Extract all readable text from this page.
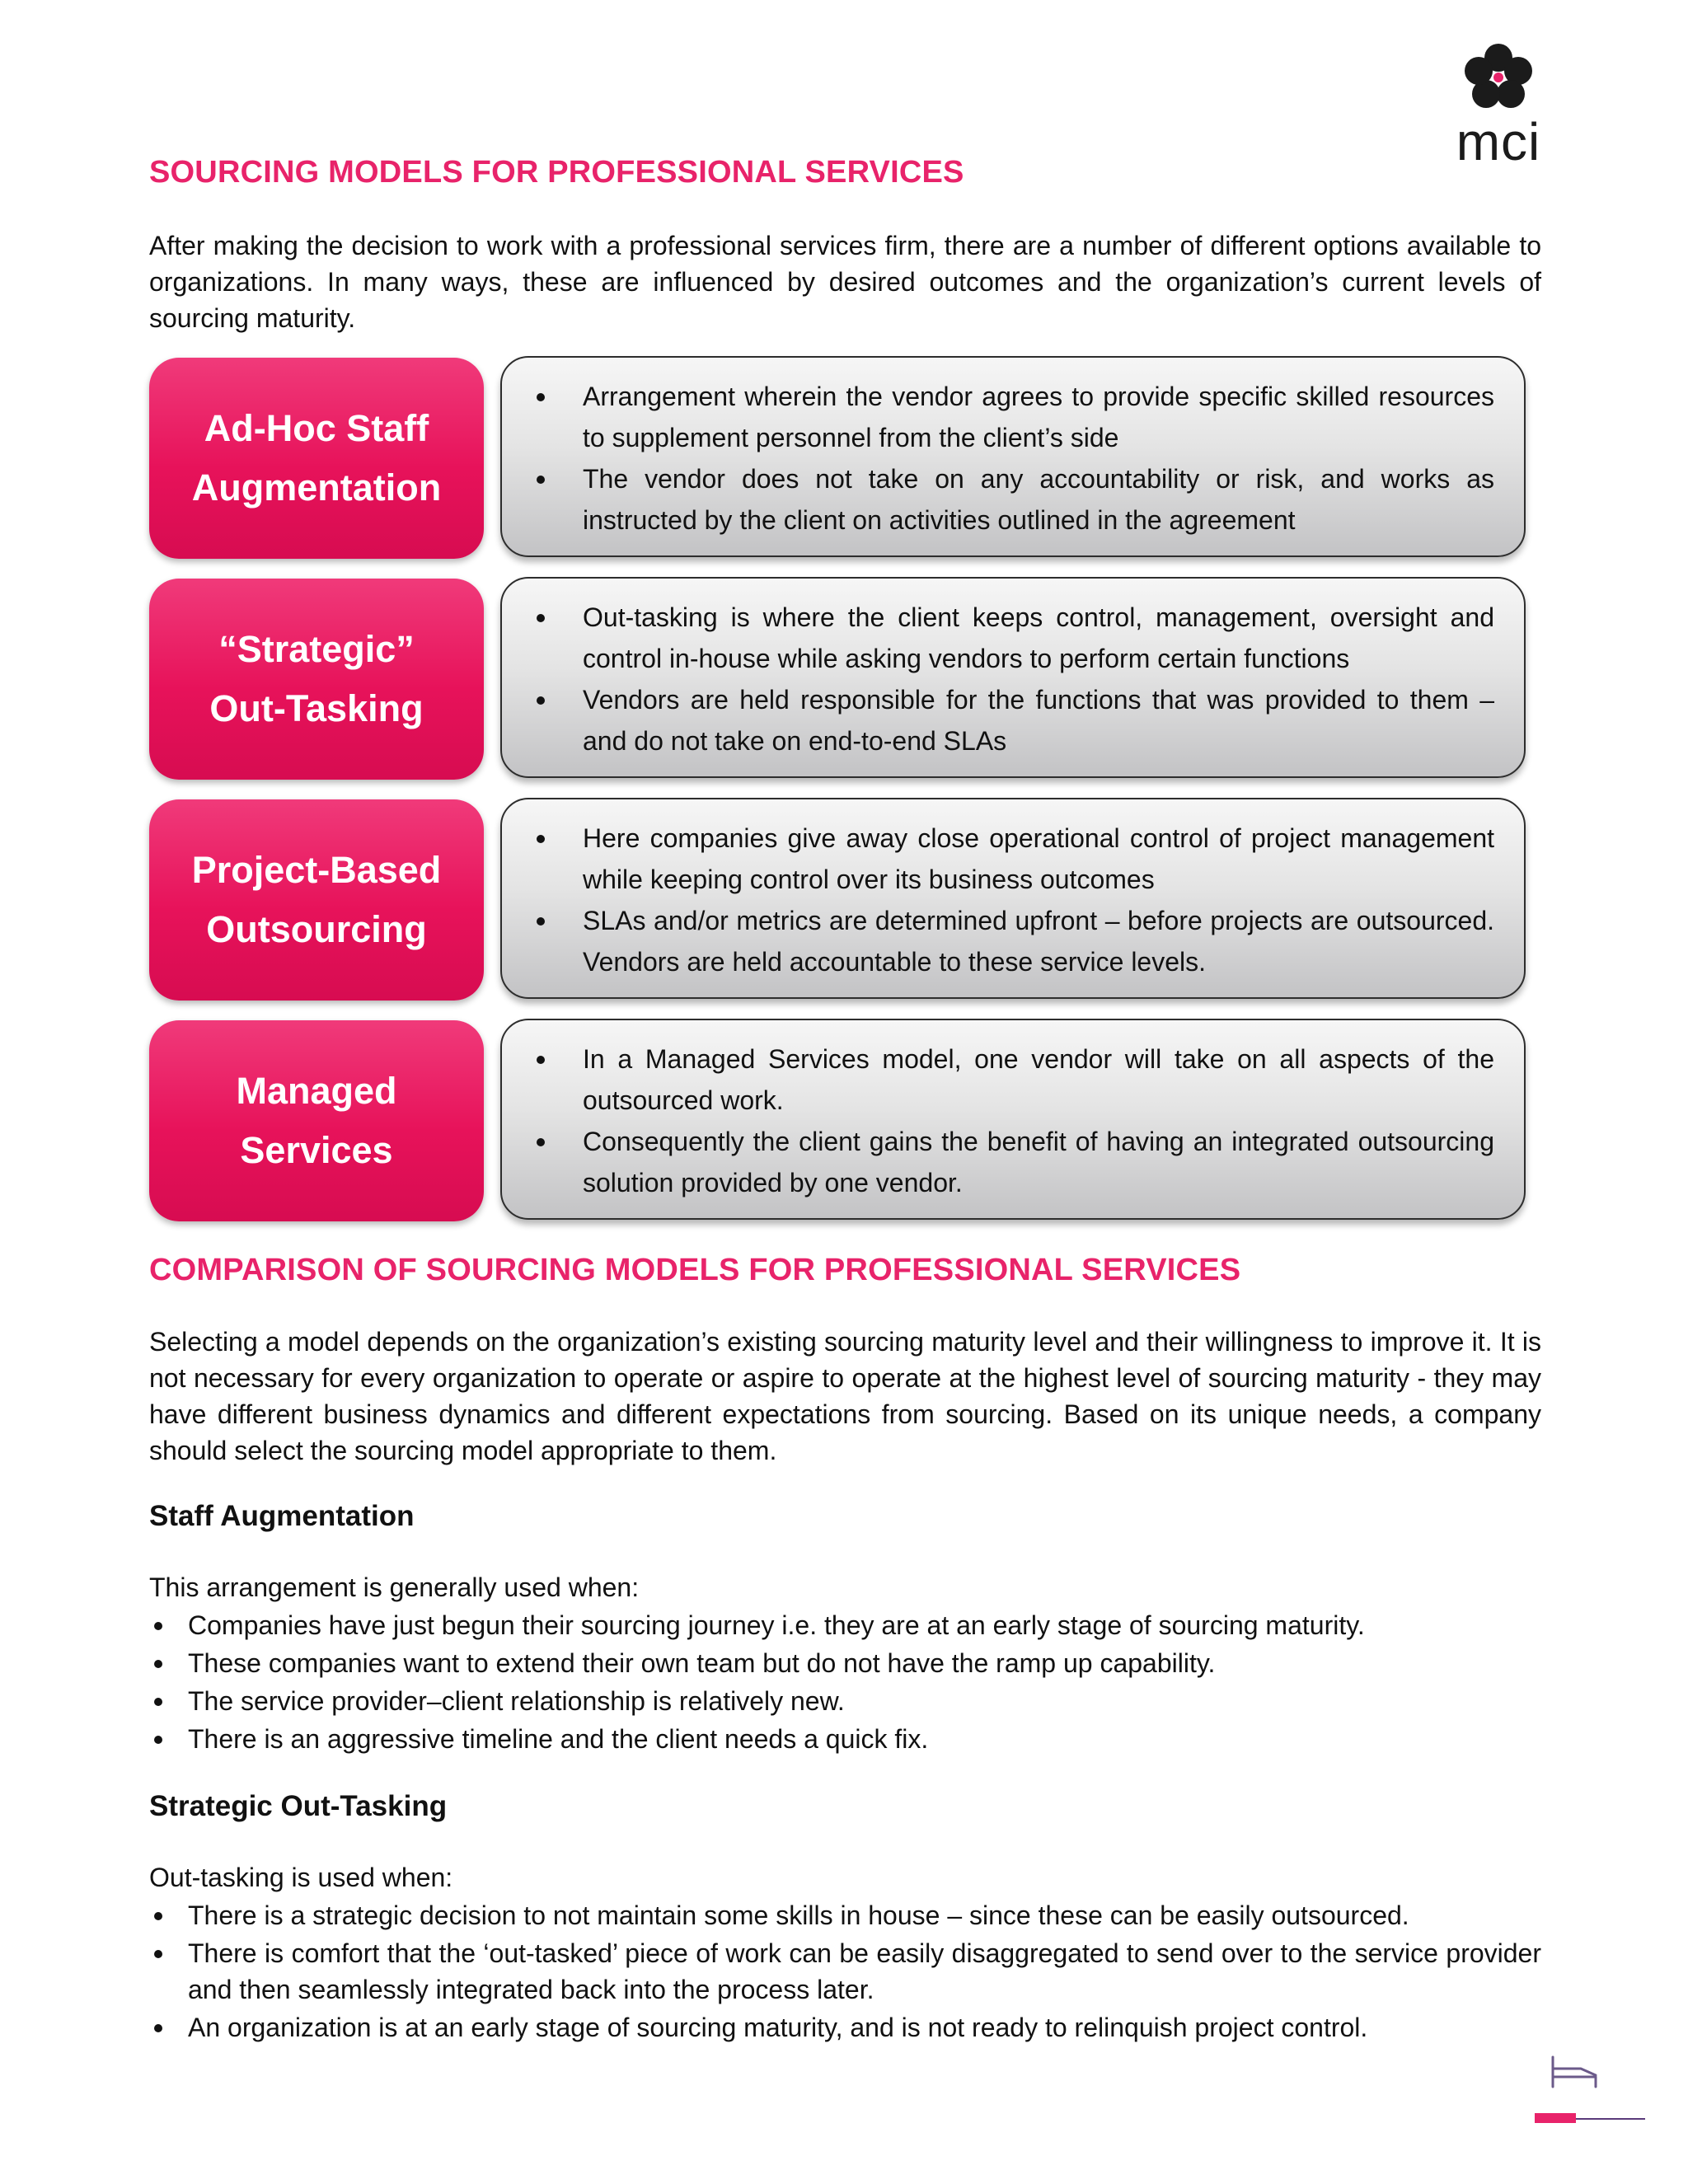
mci
SOURCING MODELS FOR PROFESSIONAL SERVICES

After making the decision to work with a professional services firm, there are a number of different options available to organizations. In many ways, these are influenced by desired outcomes and the organization’s current levels of sourcing maturity.

Ad-Hoc Staff
Augmentation
Arrangement wherein the vendor agrees to provide specific skilled resources to supplement personnel from the client’s side
The vendor does not take on any accountability or risk, and works as instructed by the client on activities outlined in the agreement
“Strategic”
Out-Tasking
Out-tasking is where the client keeps control, management, oversight and control in-house while asking vendors to perform certain functions
Vendors are held responsible for the functions that was provided to them – and do not take on end-to-end SLAs
Project-Based
Outsourcing
Here companies give away close operational control of project management while keeping control over its business outcomes
SLAs and/or metrics are determined upfront – before projects are outsourced. Vendors are held accountable to these service levels.
Managed
Services
In a Managed Services model, one vendor will take on all aspects of the outsourced work.
Consequently the client gains the benefit of having an integrated outsourcing solution provided by one vendor.
COMPARISON OF SOURCING MODELS FOR PROFESSIONAL SERVICES

Selecting a model depends on the organization’s existing sourcing maturity level and their willingness to improve it. It is not necessary for every organization to operate or aspire to operate at the highest level of sourcing maturity - they may have different business dynamics and different expectations from sourcing. Based on its unique needs, a company should select the sourcing model appropriate to them.

Staff Augmentation

This arrangement is generally used when:

Companies have just begun their sourcing journey i.e. they are at an early stage of sourcing maturity.
These companies want to extend their own team but do not have the ramp up capability.
The service provider–client relationship is relatively new.
There is an aggressive timeline and the client needs a quick fix.
Strategic Out-Tasking

Out-tasking is used when:

There is a strategic decision to not maintain some skills in house – since these can be easily outsourced.
There is comfort that the ‘out-tasked’ piece of work can be easily disaggregated to send over to the service provider and then seamlessly integrated back into the process later.
An organization is at an early stage of sourcing maturity, and is not ready to relinquish project control.
